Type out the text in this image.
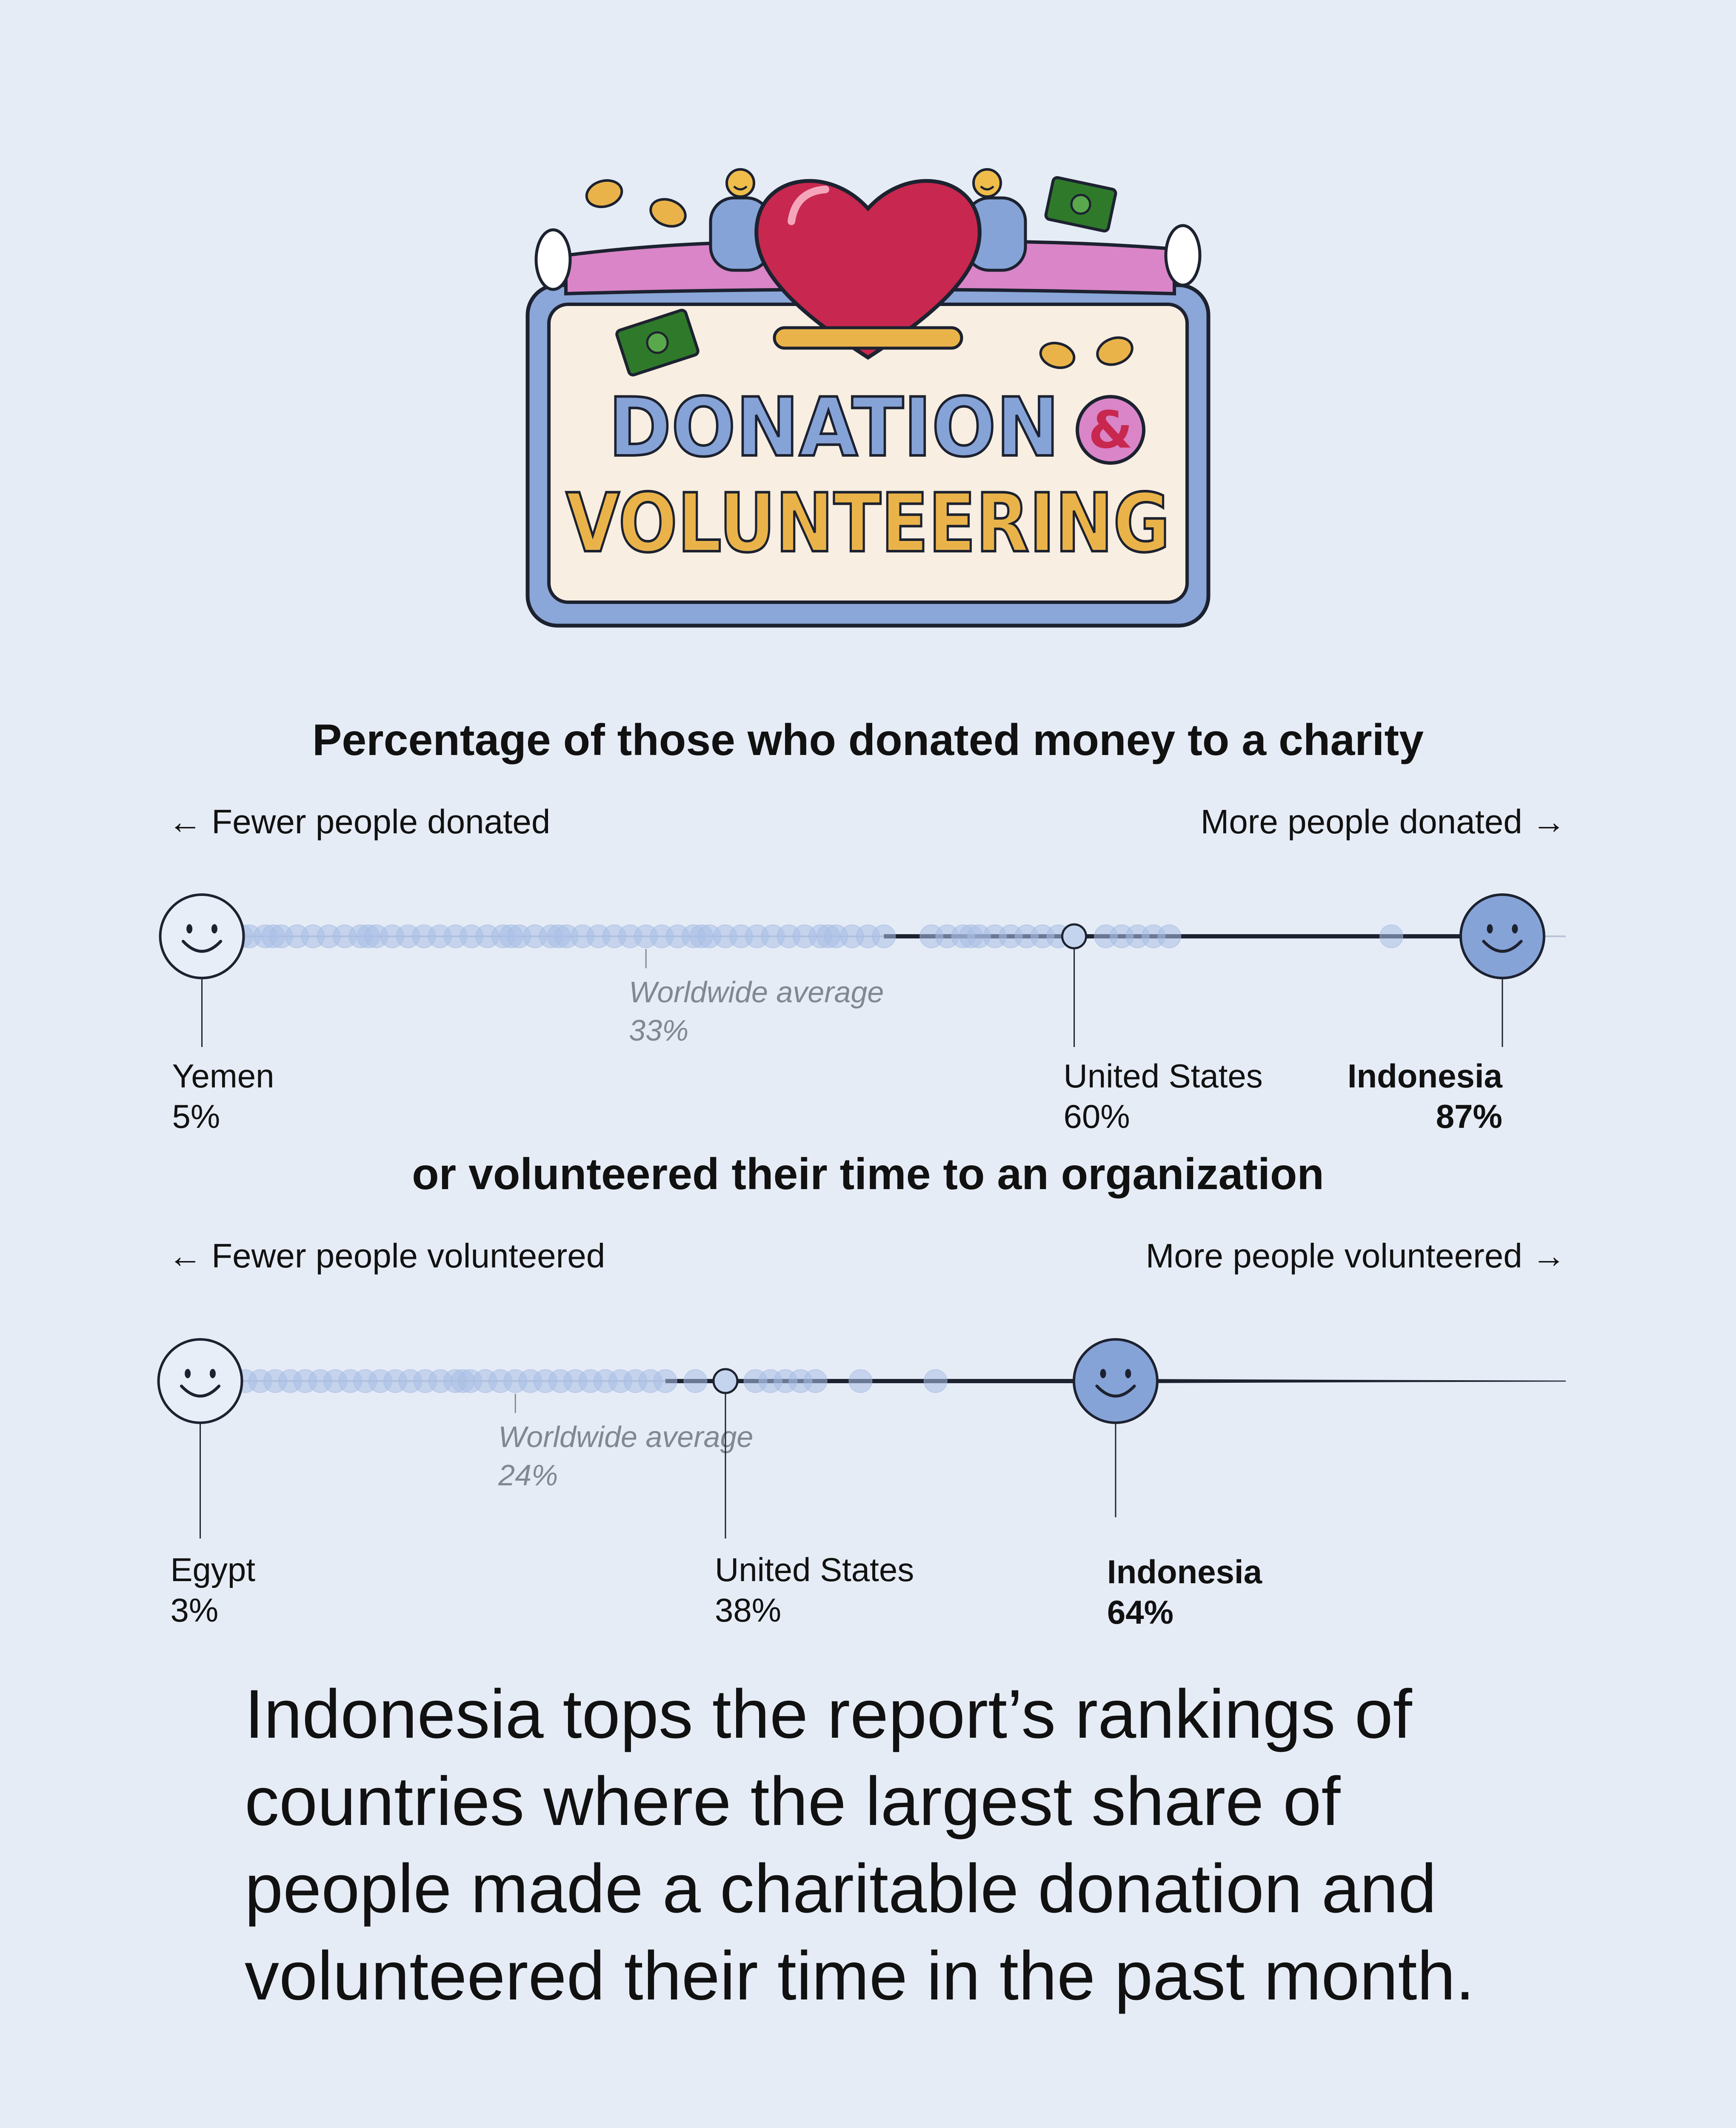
DONATION &
VOLUNTEERING
Percentage of those who donated money to a charity
← Fewer people donated	More people donated →
Worldwide average
33%
United States
60%
Yemen
5%
Indonesia
87%
or volunteered their time to an organization
← Fewer people volunteered	More people volunteered →
Worldwide average
24%
United States
38%
Egypt
3%
Indonesia
64%

Indonesia tops the report’s rankings of countries where the largest share of people made a charitable donation and volunteered their time in the past month.
